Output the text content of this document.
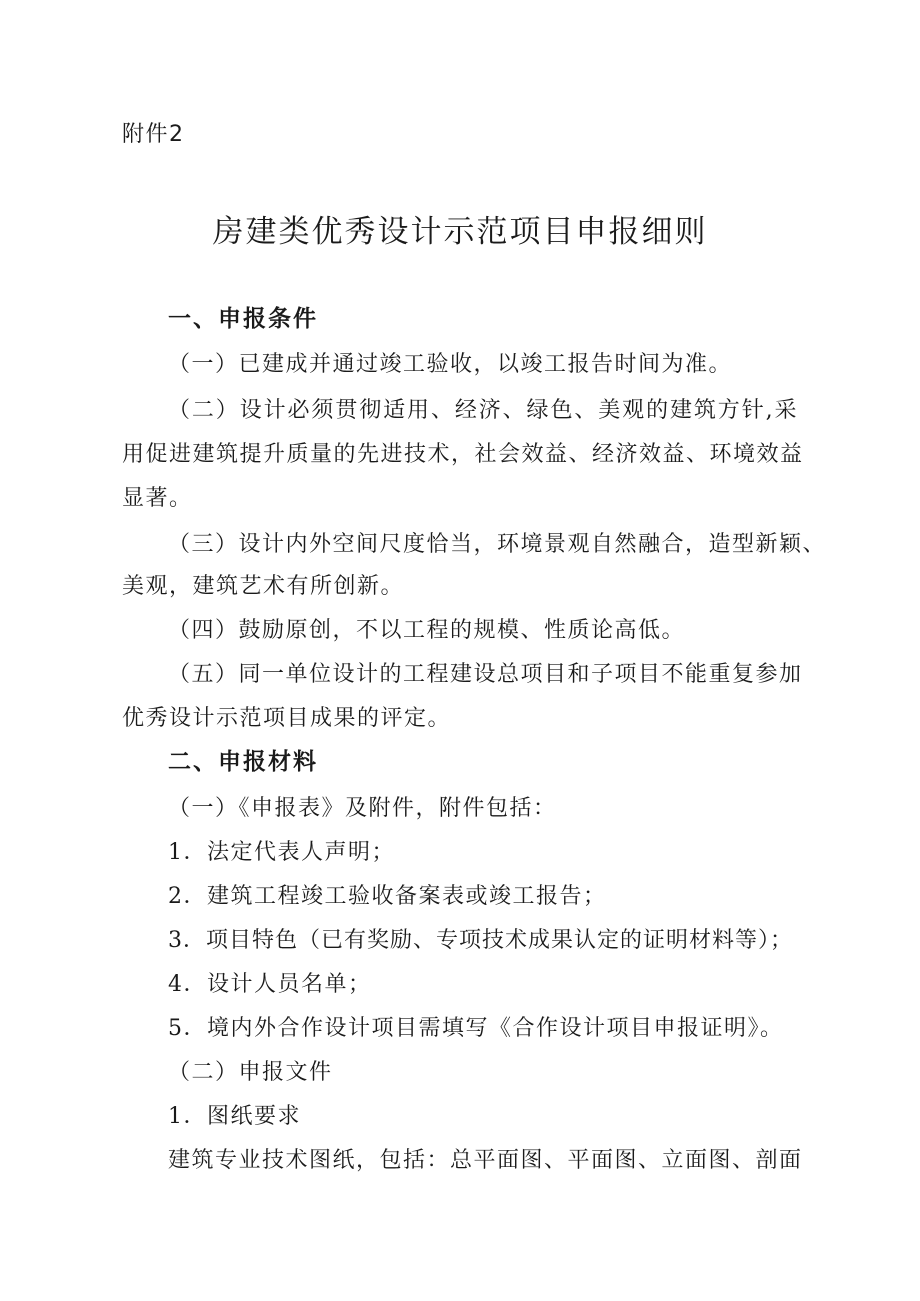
附件2
房建类优秀设计示范项目申报细则
一、申报条件
（一）已建成并通过竣工验收，以竣工报告时间为准。
（二）设计必须贯彻适用、经济、绿色、美观的建筑方针,采
用促进建筑提升质量的先进技术，社会效益、经济效益、环境效益
显著。
（三）设计内外空间尺度恰当，环境景观自然融合，造型新颖、
美观，建筑艺术有所创新。
（四）鼓励原创，不以工程的规模、性质论高低。
（五）同一单位设计的工程建设总项目和子项目不能重复参加
优秀设计示范项目成果的评定。
二、申报材料
（一）《申报表》及附件，附件包括：
1．法定代表人声明；
2．建筑工程竣工验收备案表或竣工报告；
3．项目特色（已有奖励、专项技术成果认定的证明材料等）；
4．设计人员名单；
5．境内外合作设计项目需填写《合作设计项目申报证明》。
（二）申报文件
1．图纸要求
建筑专业技术图纸，包括：总平面图、平面图、立面图、剖面
